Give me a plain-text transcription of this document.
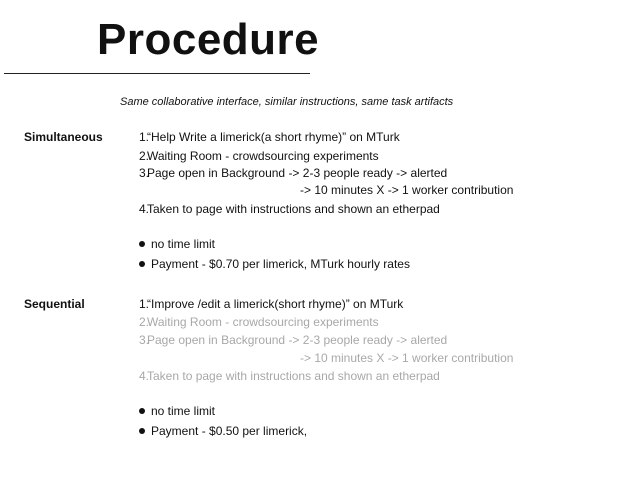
Procedure
Same collaborative interface, similar instructions, same task artifacts
Simultaneous	1.“Help Write a limerick(a short rhyme)” on MTurk
2.Waiting Room - crowdsourcing experiments
3.Page open in Background -> 2-3 people ready -> alerted
-> 10 minutes X -> 1 worker contribution
4.Taken to page with instructions and shown an etherpad
no time limit
Payment - $0.70 per limerick, MTurk hourly rates
Sequential	1.“Improve /edit a limerick(short rhyme)” on MTurk
2.Waiting Room - crowdsourcing experiments
3.Page open in Background -> 2-3 people ready -> alerted
-> 10 minutes X -> 1 worker contribution
4.Taken to page with instructions and shown an etherpad
no time limit
Payment - $0.50 per limerick,
